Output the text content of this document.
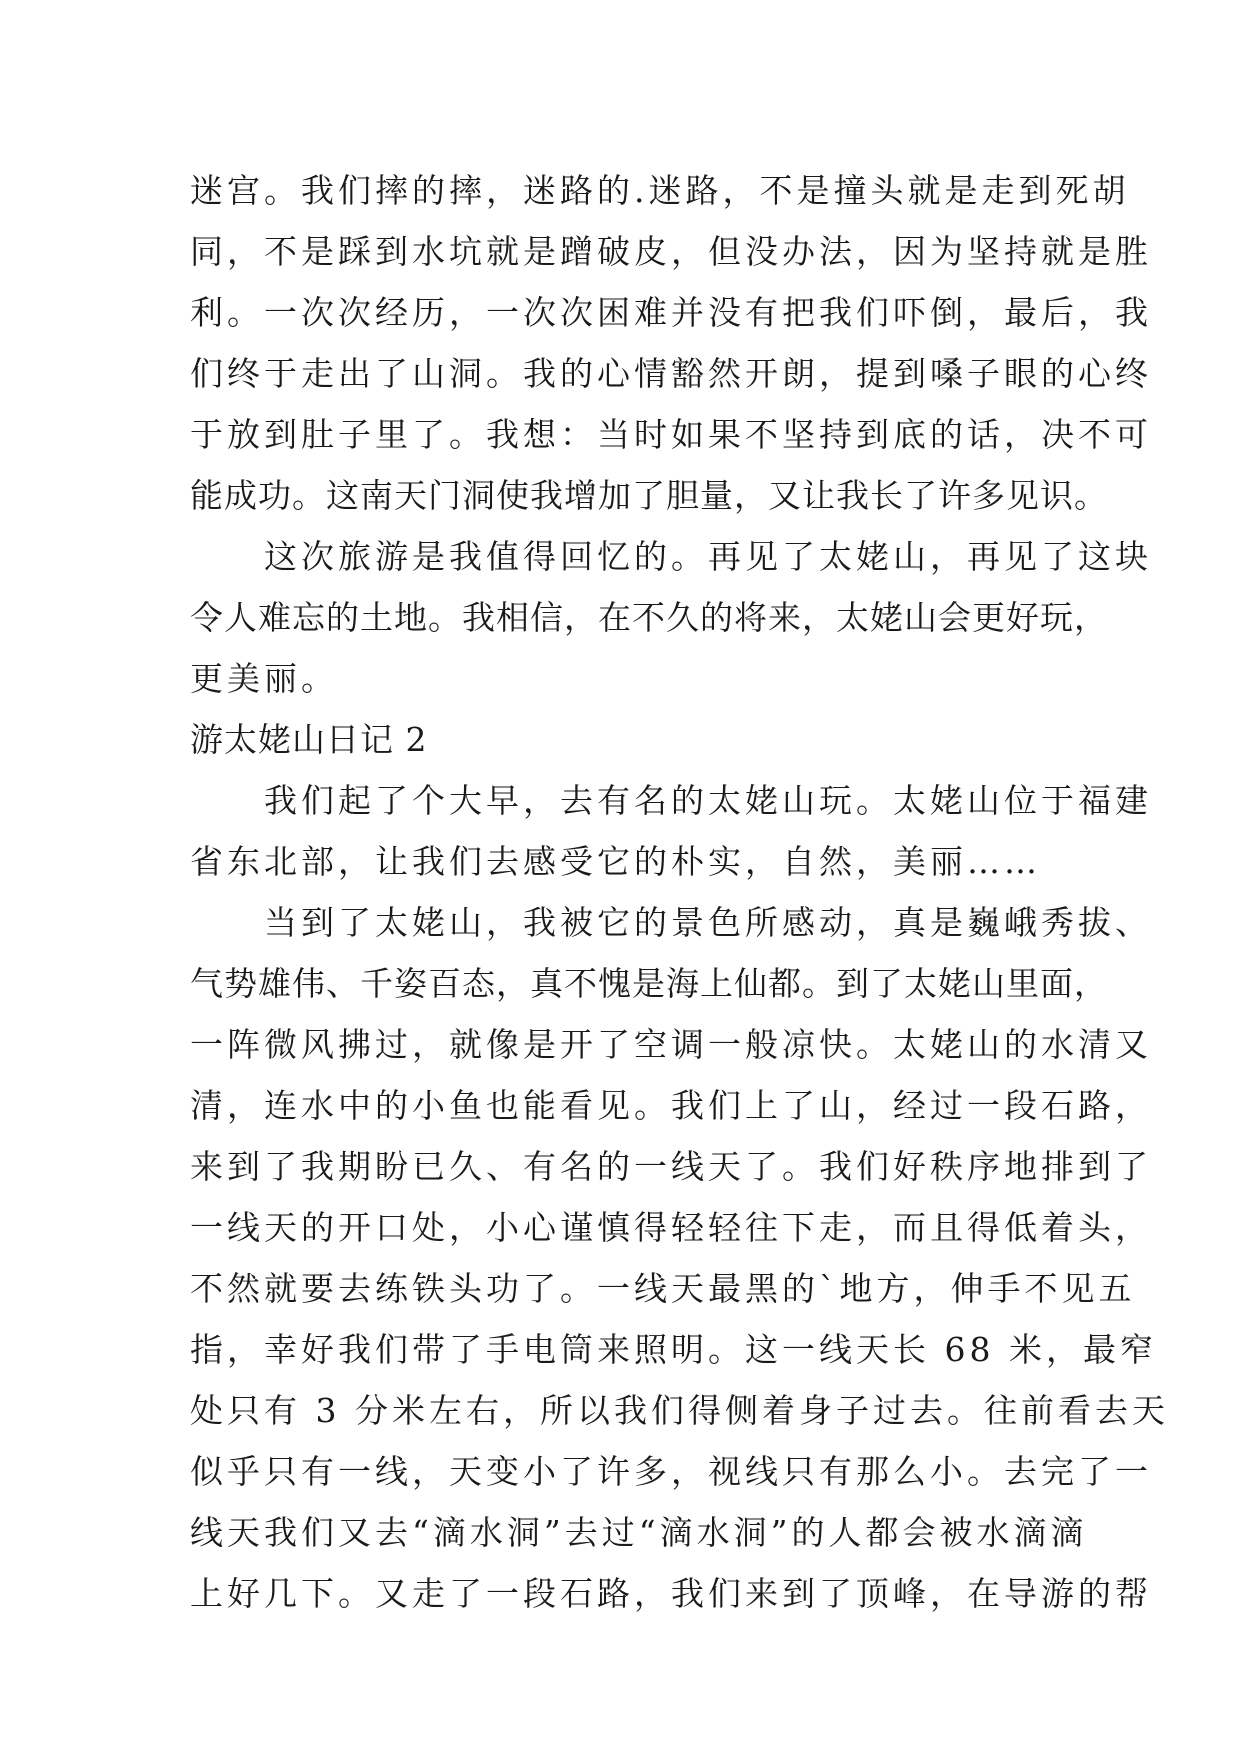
迷宫。我们摔的摔，迷路的.迷路，不是撞头就是走到死胡
同，不是踩到水坑就是蹭破皮，但没办法，因为坚持就是胜
利。一次次经历，一次次困难并没有把我们吓倒，最后，我
们终于走出了山洞。我的心情豁然开朗，提到嗓子眼的心终
于放到肚子里了。我想：当时如果不坚持到底的话，决不可
能成功。这南天门洞使我增加了胆量，又让我长了许多见识。
　　这次旅游是我值得回忆的。再见了太姥山，再见了这块
令人难忘的土地。我相信，在不久的将来，太姥山会更好玩，
更美丽。
游太姥山日记 2
　　我们起了个大早，去有名的太姥山玩。太姥山位于福建
省东北部，让我们去感受它的朴实，自然，美丽……
　　当到了太姥山，我被它的景色所感动，真是巍峨秀拔、
气势雄伟、千姿百态，真不愧是海上仙都。到了太姥山里面，
一阵微风拂过，就像是开了空调一般凉快。太姥山的水清又
清，连水中的小鱼也能看见。我们上了山，经过一段石路，
来到了我期盼已久、有名的一线天了。我们好秩序地排到了
一线天的开口处，小心谨慎得轻轻往下走，而且得低着头，
不然就要去练铁头功了。一线天最黑的`地方，伸手不见五
指，幸好我们带了手电筒来照明。这一线天长 68 米，最窄
处只有 3 分米左右，所以我们得侧着身子过去。往前看去天
似乎只有一线，天变小了许多，视线只有那么小。去完了一
线天我们又去“滴水洞”去过“滴水洞”的人都会被水滴滴
上好几下。又走了一段石路，我们来到了顶峰，在导游的帮
